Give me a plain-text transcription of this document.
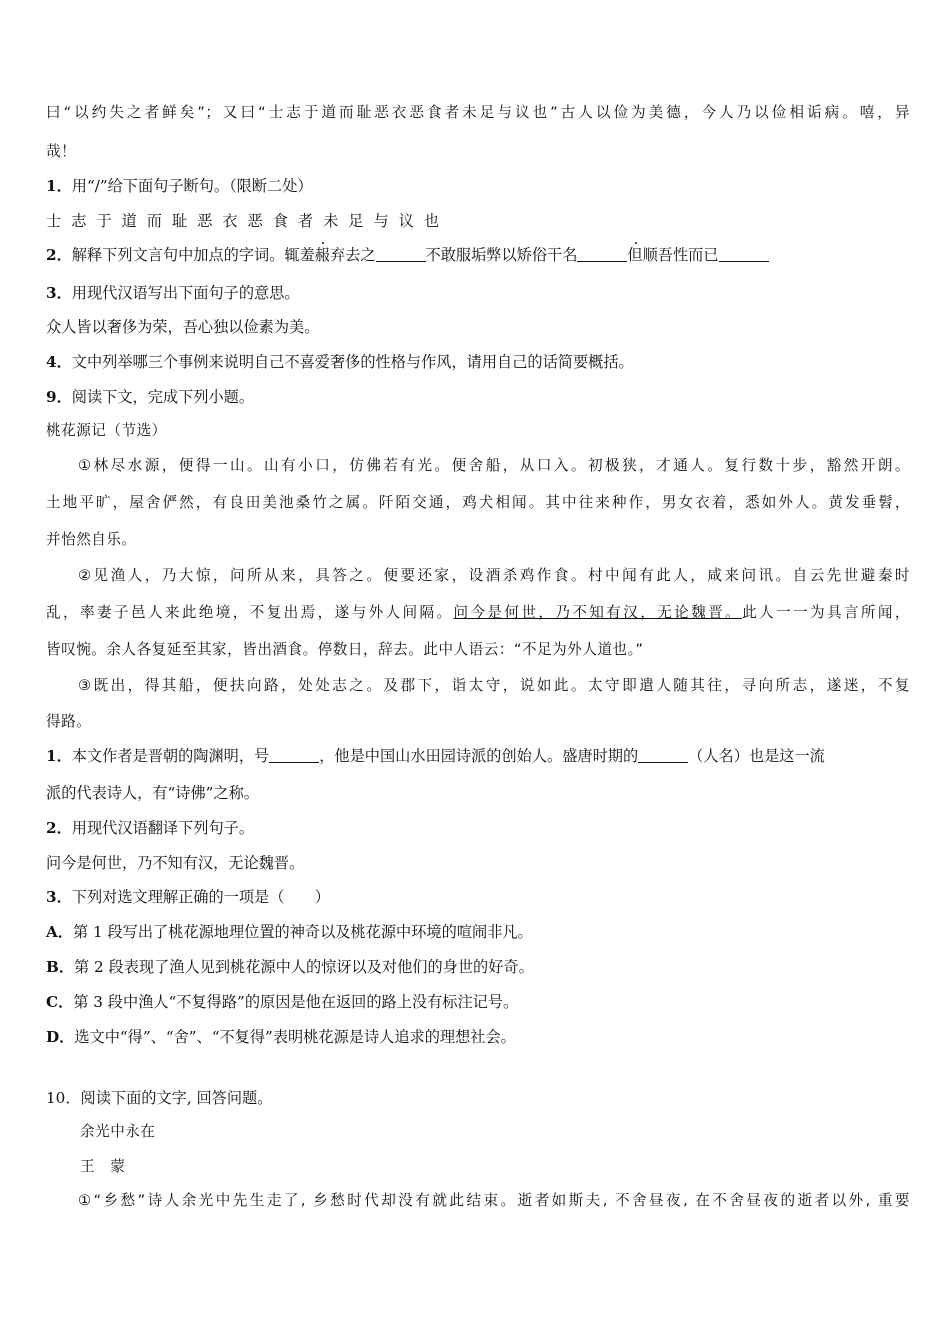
曰“以约失之者鲜矣”；又曰“士志于道而耻恶衣恶食者未足与议也”古人以俭为美德，今人乃以俭相诟病。嘻，异
哉！
1．用“/”给下面句子断句。（限断二处）
士志于道而耻恶衣恶食者未足与议也
2．解释下列文言句中加点的字词。辄羞赧弃去之	不敢服垢弊以矫俗干名	但顺吾性而已
3．用现代汉语写出下面句子的意思。
众人皆以奢侈为荣，吾心独以俭素为美。
4．文中列举哪三个事例来说明自己不喜爱奢侈的性格与作风，请用自己的话简要概括。
9．阅读下文，完成下列小题。
桃花源记（节选）
①林尽水源，便得一山。山有小口，仿佛若有光。便舍船，从口入。初极狭，才通人。复行数十步，豁然开朗。
土地平旷，屋舍俨然，有良田美池桑竹之属。阡陌交通，鸡犬相闻。其中往来种作，男女衣着，悉如外人。黄发垂髫，
并怡然自乐。
②见渔人，乃大惊，问所从来，具答之。便要还家，设酒杀鸡作食。村中闻有此人，咸来问讯。自云先世避秦时
乱，率妻子邑人来此绝境，不复出焉，遂与外人间隔。问今是何世，乃不知有汉，无论魏晋。此人一一为具言所闻，
皆叹惋。余人各复延至其家，皆出酒食。停数日，辞去。此中人语云：“不足为外人道也。”
③既出，得其船，便扶向路，处处志之。及郡下，诣太守，说如此。太守即遣人随其往，寻向所志，遂迷，不复
得路。
1．本文作者是晋朝的陶渊明，号	，他是中国山水田园诗派的创始人。盛唐时期的	（人名）也是这一流
派的代表诗人，有“诗佛”之称。
2．用现代汉语翻译下列句子。
问今是何世，乃不知有汉，无论魏晋。
3．下列对选文理解正确的一项是（　　）
A．第 1 段写出了桃花源地理位置的神奇以及桃花源中环境的喧闹非凡。
B．第 2 段表现了渔人见到桃花源中人的惊讶以及对他们的身世的好奇。
C．第 3 段中渔人“不复得路”的原因是他在返回的路上没有标注记号。
D．选文中“得”、“舍”、“不复得”表明桃花源是诗人追求的理想社会。
10．阅读下面的文字, 回答问题。
余光中永在
王　蒙
①“乡愁”诗人余光中先生走了, 乡愁时代却没有就此结束。逝者如斯夫, 不舍昼夜, 在不舍昼夜的逝者以外, 重要
